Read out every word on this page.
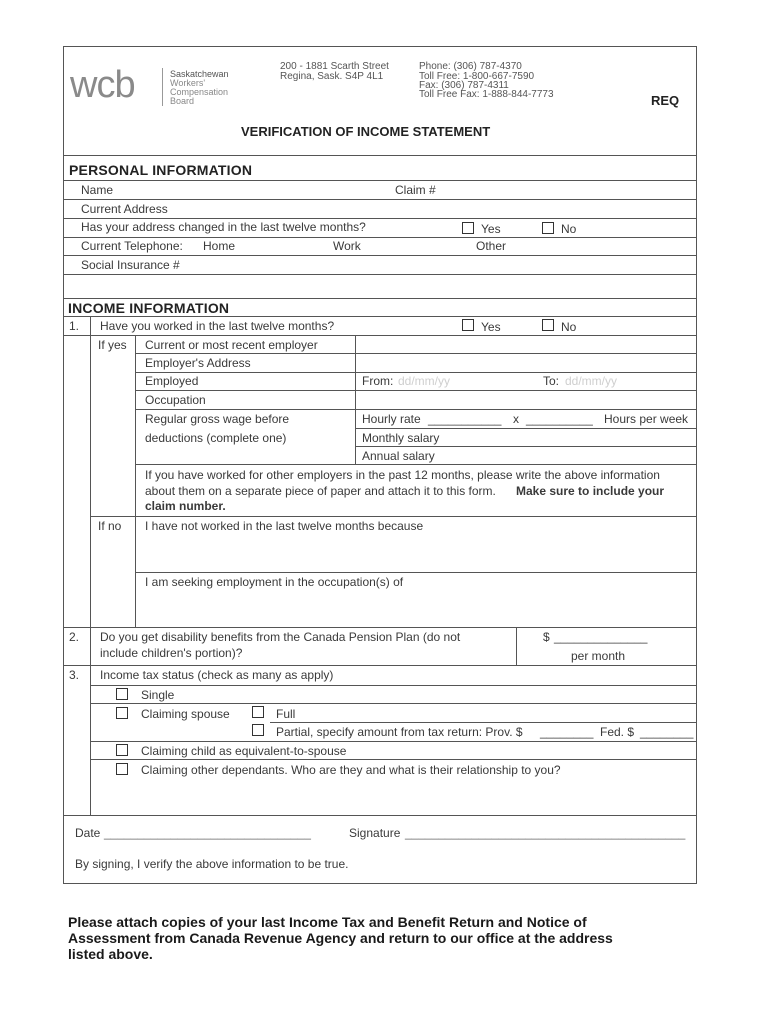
wcb	Saskatchewan
Workers'
Compensation
Board
200 - 1881 Scarth Street
Regina, Sask. S4P 4L1
Phone: (306) 787-4370
Toll Free: 1-800-667-7590
Fax: (306) 787-4311
Toll Free Fax: 1-888-844-7773	REQ
VERIFICATION OF INCOME STATEMENT
PERSONAL INFORMATION
Name	Claim #
Current Address
Has your address changed in the last twelve months?	Yes	No
Current Telephone: Home	Work	Other
Social Insurance #
INCOME INFORMATION
1. Have you worked in the last twelve months?	Yes	No
If yes Current or most recent employer
Employer's Address
Employed	From: dd/mm/yy	To: dd/mm/yy
Occupation
Regular gross wage before
deductions (complete one)
Hourly rate ___________ x __________ Hours per week
Monthly salary
Annual salary
If you have worked for other employers in the past 12 months, please write the above information
about them on a separate piece of paper and attach it to this form. Make sure to include your
claim number.
If no I have not worked in the last twelve months because
I am seeking employment in the occupation(s) of
2. Do you get disability benefits from the Canada Pension Plan (do not
include children's portion)?
$ ______________
per month
3. Income tax status (check as many as apply)
Single
Claiming spouse	Full
Partial, specify amount from tax return: Prov. $ ________ Fed. $ ________
Claiming child as equivalent-to-spouse
Claiming other dependants. Who are they and what is their relationship to you?
Date _______________________________	Signature __________________________________________
By signing, I verify the above information to be true.
Please attach copies of your last Income Tax and Benefit Return and Notice of
Assessment from Canada Revenue Agency and return to our office at the address
listed above.
